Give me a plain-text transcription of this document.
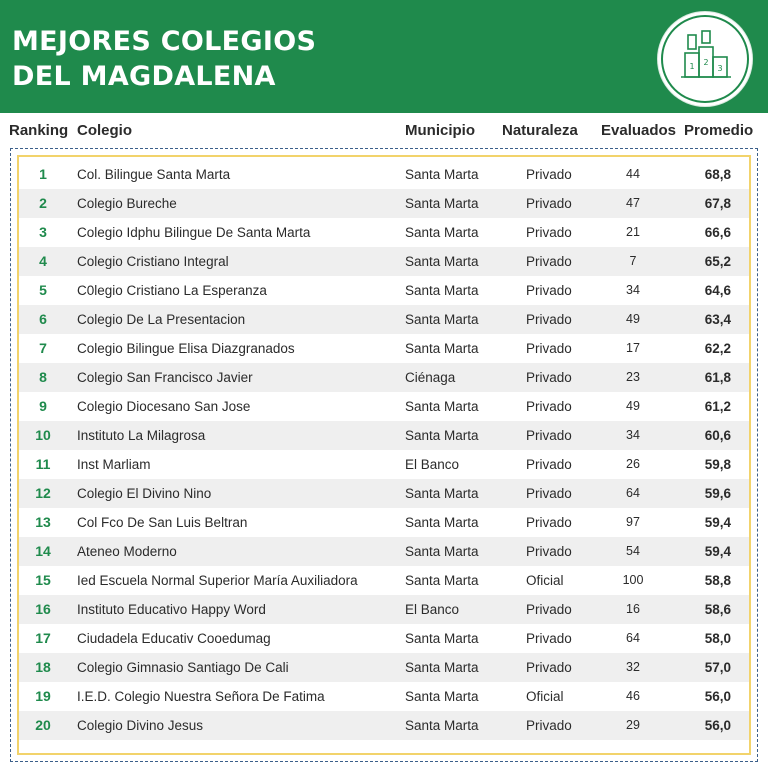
MEJORES COLEGIOS
DEL MAGDALENA	1 2
3
Ranking Colegio	Municipio Naturaleza Evaluados Promedio
1	Col. Bilingue Santa Marta	Santa Marta	Privado	44	68,8
2	Colegio Bureche	Santa Marta	Privado	47	67,8
3	Colegio Idphu Bilingue De Santa Marta	Santa Marta	Privado	21	66,6
4	Colegio Cristiano Integral	Santa Marta	Privado	7	65,2
5	C0legio Cristiano La Esperanza	Santa Marta	Privado	34	64,6
6	Colegio De La Presentacion	Santa Marta	Privado	49	63,4
7	Colegio Bilingue Elisa Diazgranados	Santa Marta	Privado	17	62,2
8	Colegio San Francisco Javier	Ciénaga	Privado	23	61,8
9	Colegio Diocesano San Jose	Santa Marta	Privado	49	61,2
10	Instituto La Milagrosa	Santa Marta	Privado	34	60,6
11	Inst Marliam	El Banco	Privado	26	59,8
12	Colegio El Divino Nino	Santa Marta	Privado	64	59,6
13	Col Fco De San Luis Beltran	Santa Marta	Privado	97	59,4
14	Ateneo Moderno	Santa Marta	Privado	54	59,4
15	Ied Escuela Normal Superior María Auxiliadora	Santa Marta	Oficial	100	58,8
16	Instituto Educativo Happy Word	El Banco	Privado	16	58,6
17	Ciudadela Educativ Cooedumag	Santa Marta	Privado	64	58,0
18	Colegio Gimnasio Santiago De Cali	Santa Marta	Privado	32	57,0
19	I.E.D. Colegio Nuestra Señora De Fatima	Santa Marta	Oficial	46	56,0
20	Colegio Divino Jesus	Santa Marta	Privado	29	56,0
